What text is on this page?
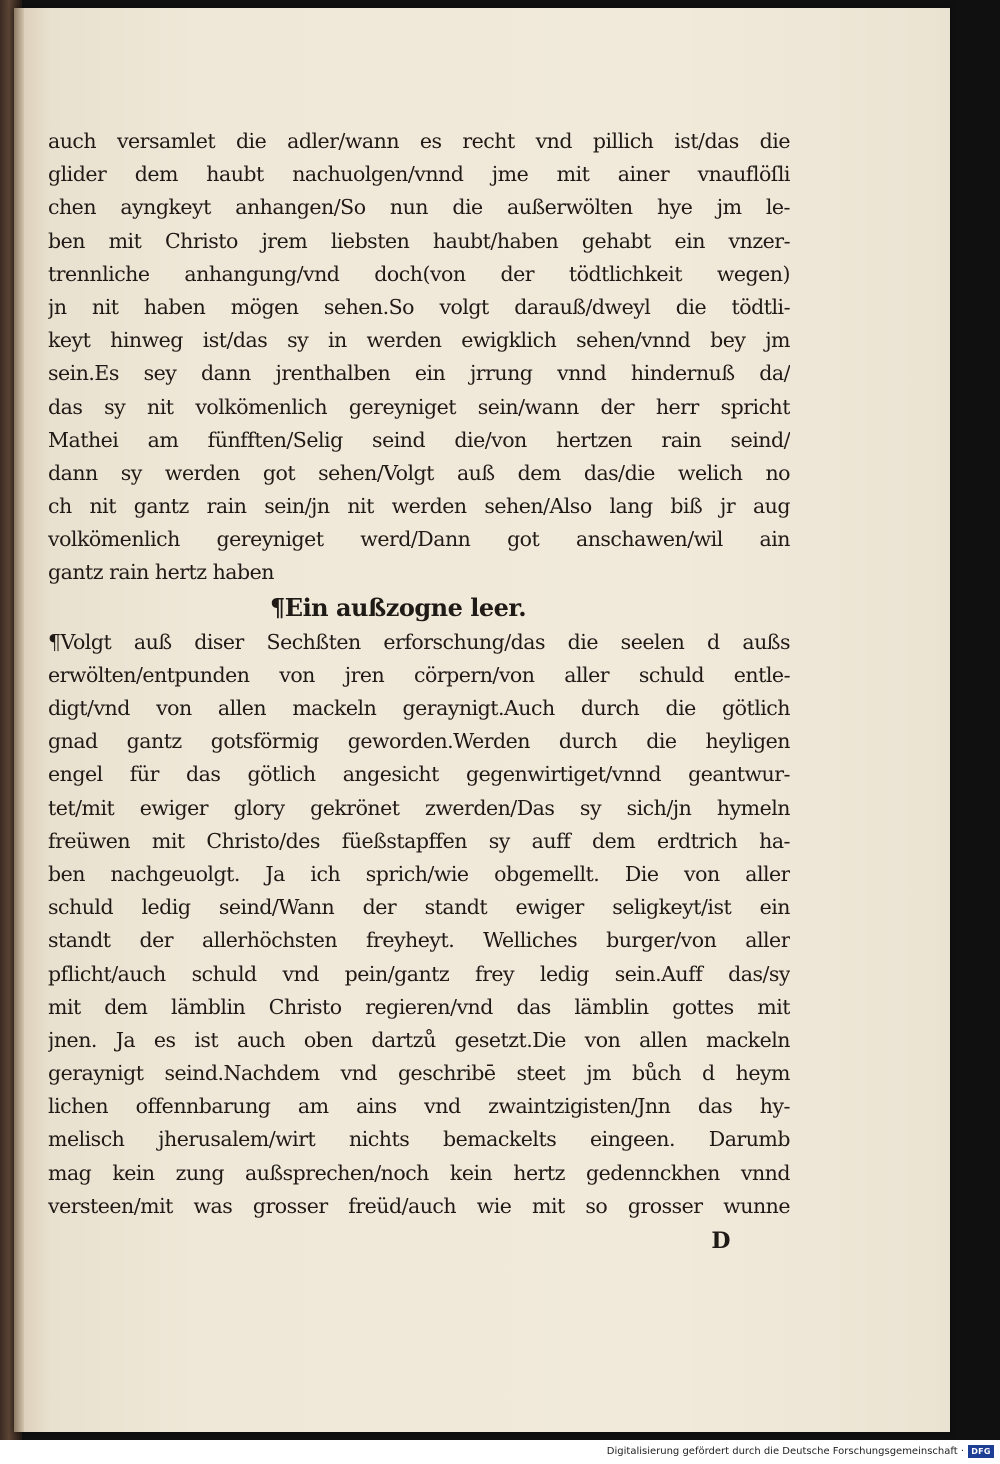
auch versamlet die adler/wann es recht vnd pillich ist/das die
glider dem haubt nachuolgen/vnnd jme mit ainer vnauflöſli
chen ayngkeyt anhangen/So nun die außerwölten hye jm le-
ben mit Christo jrem liebsten haubt/haben gehabt ein vnzer-
trennliche anhangung/vnd doch(von der tödtlichkeit wegen)
jn nit haben mögen sehen.So volgt darauß/dweyl die tödtli-
keyt hinweg ist/das sy in werden ewigklich sehen/vnnd bey jm
sein.Es sey dann jrenthalben ein jrrung vnnd hindernuß da/
das sy nit volkömenlich gereyniget sein/wann der herr spricht
Mathei am fünfften/Selig seind die/von hertzen rain seind/
dann sy werden got sehen/Volgt auß dem das/die welich no
ch nit gantz rain sein/jn nit werden sehen/Also lang biß jr aug
volkömenlich gereyniget werd/Dann got anschawen/wil ain
gantz rain hertz haben
¶Ein außzogne leer.
¶Volgt auß diser Sechßten erforschung/das die seelen d außs
erwölten/entpunden von jren cörpern/von aller schuld entle-
digt/vnd von allen mackeln geraynigt.Auch durch die götlich
gnad gantz gotsförmig geworden.Werden durch die heyligen
engel für das götlich angesicht gegenwirtiget/vnnd geantwur-
tet/mit ewiger glory gekrönet zwerden/Das sy sich/jn hymeln
freüwen mit Christo/des füeßstapffen sy auff dem erdtrich ha-
ben nachgeuolgt. Ja ich sprich/wie obgemellt. Die von aller
schuld ledig seind/Wann der standt ewiger seligkeyt/ist ein
standt der allerhöchsten freyheyt. Welliches burger/von aller
pflicht/auch schuld vnd pein/gantz frey ledig sein.Auff das/sy
mit dem lämblin Christo regieren/vnd das lämblin gottes mit
jnen. Ja es ist auch oben dartzů gesetzt.Die von allen mackeln
geraynigt seind.Nachdem vnd geschribē steet jm bůch d heym
lichen offennbarung am ains vnd zwaintzigisten/Jnn das hy-
melisch jherusalem/wirt nichts bemackelts eingeen. Darumb
mag kein zung außsprechen/noch kein hertz gedennckhen vnnd
versteen/mit was grosser freüd/auch wie mit so grosser wunne
D
Digitalisierung gefördert durch die Deutsche Forschungsgemeinschaft · DFG
